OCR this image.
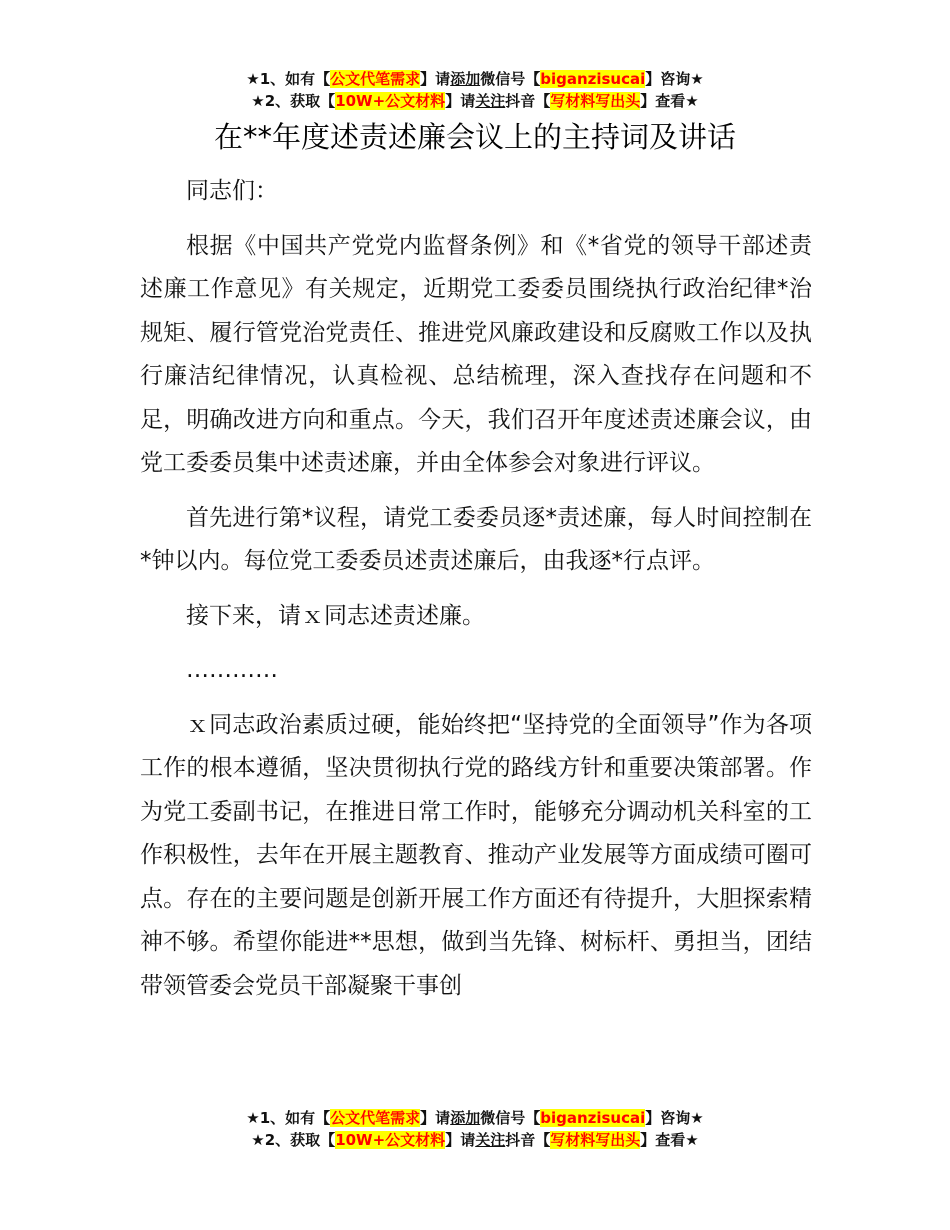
★1、如有【公文代笔需求】请添加微信号【biganzisucai】咨询★
★2、获取【10W+公文材料】请关注抖音【写材料写出头】查看★
在**年度述责述廉会议上的主持词及讲话

同志们：

根据《中国共产党党内监督条例》和《*省党的领导干部述责述廉工作意见》有关规定，近期党工委委员围绕执行政治纪律*治规矩、履行管党治党责任、推进党风廉政建设和反腐败工作以及执行廉洁纪律情况，认真检视、总结梳理，深入查找存在问题和不足，明确改进方向和重点。今天，我们召开年度述责述廉会议，由党工委委员集中述责述廉，并由全体参会对象进行评议。

首先进行第*议程，请党工委委员逐*责述廉，每人时间控制在*钟以内。每位党工委委员述责述廉后，由我逐*行点评。

接下来，请ｘ同志述责述廉。

…………

ｘ同志政治素质过硬，能始终把“坚持党的全面领导”作为各项工作的根本遵循，坚决贯彻执行党的路线方针和重要决策部署。作为党工委副书记，在推进日常工作时，能够充分调动机关科室的工作积极性，去年在开展主题教育、推动产业发展等方面成绩可圈可点。存在的主要问题是创新开展工作方面还有待提升，大胆探索精神不够。希望你能进**思想，做到当先锋、树标杆、勇担当，团结带领管委会党员干部凝聚干事创

★1、如有【公文代笔需求】请添加微信号【biganzisucai】咨询★
★2、获取【10W+公文材料】请关注抖音【写材料写出头】查看★
